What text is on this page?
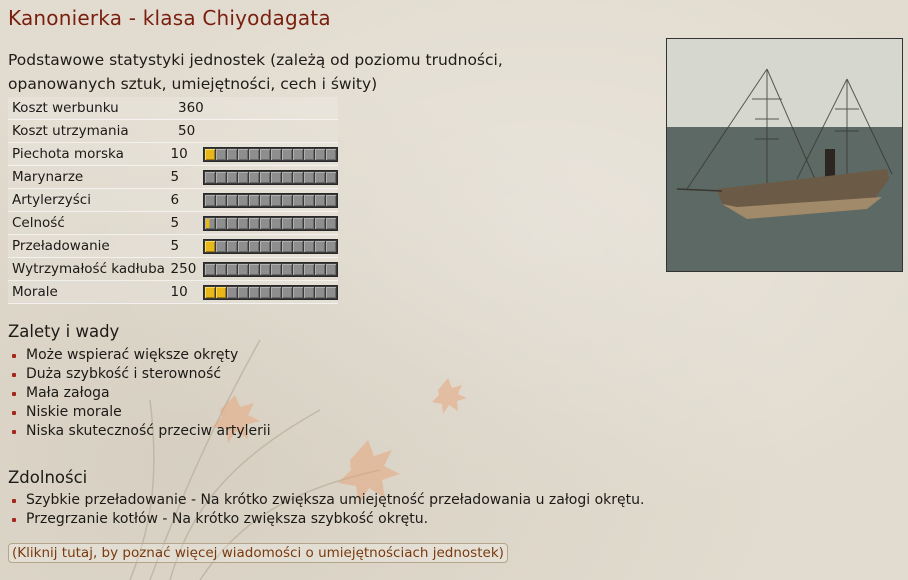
Kanonierka - klasa Chiyodagata
Podstawowe statystyki jednostek (zależą od poziomu trudności,
opanowanych sztuk, umiejętności, cech i świty)
Koszt werbunku	360
Koszt utrzymania	50
Piechota morska	10
Marynarze	5
Artylerzyści	6
Celność	5
Przeładowanie	5
Wytrzymałość kadłuba 250
Morale	10
Zalety i wady
Może wspierać większe okręty
Duża szybkość i sterowność
Mała załoga
Niskie morale
Niska skuteczność przeciw artylerii
Zdolności
Szybkie przeładowanie - Na krótko zwiększa umiejętność przeładowania u załogi okrętu.
Przegrzanie kotłów - Na krótko zwiększa szybkość okrętu.
(Kliknij tutaj, by poznać więcej wiadomości o umiejętnościach jednostek)
